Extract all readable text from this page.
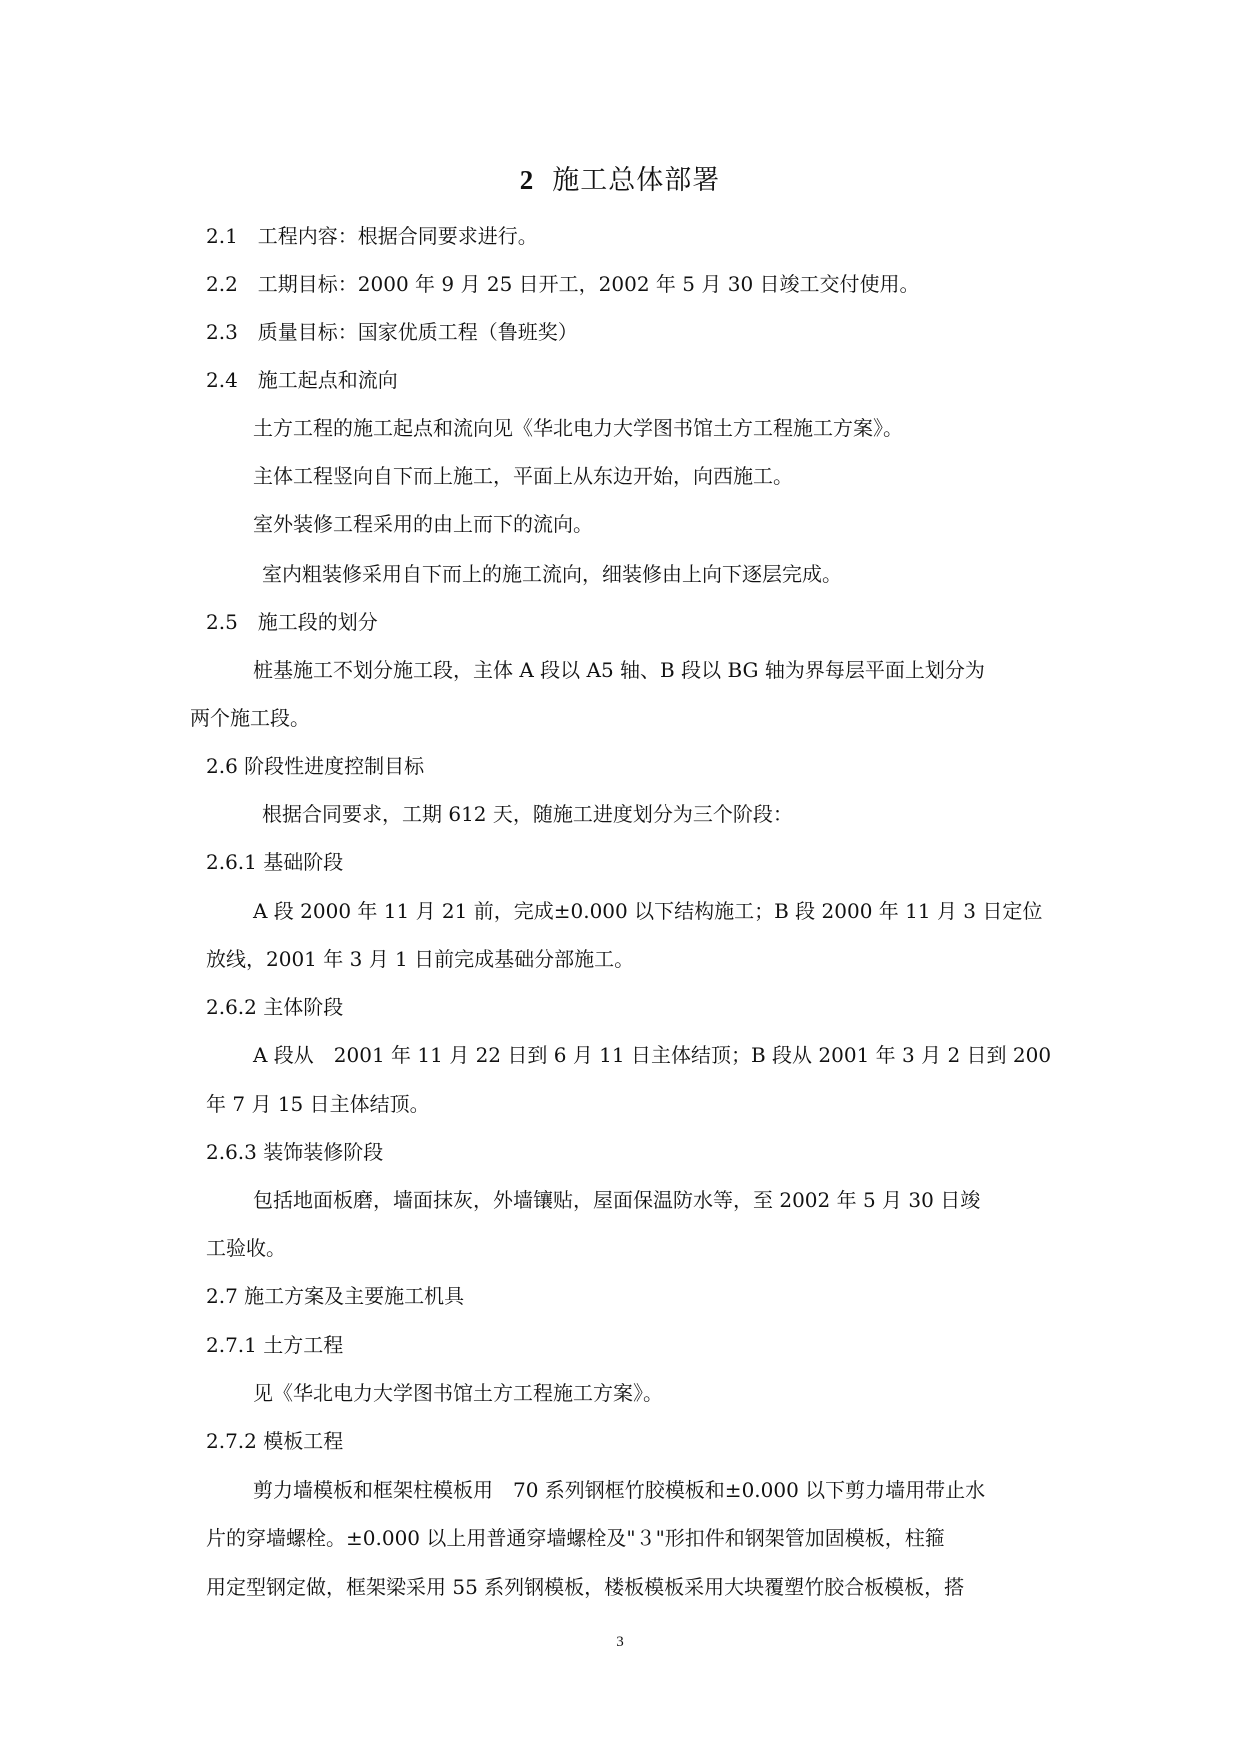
2 施工总体部署
2.1　工程内容：根据合同要求进行。
2.2　工期目标：2000 年 9 月 25 日开工，2002 年 5 月 30 日竣工交付使用。
2.3　质量目标：国家优质工程（鲁班奖）
2.4　施工起点和流向
土方工程的施工起点和流向见《华北电力大学图书馆土方工程施工方案》。
主体工程竖向自下而上施工，平面上从东边开始，向西施工。
室外装修工程采用的由上而下的流向。
室内粗装修采用自下而上的施工流向，细装修由上向下逐层完成。
2.5　施工段的划分
桩基施工不划分施工段，主体 A 段以 A5 轴、B 段以 BG 轴为界每层平面上划分为
两个施工段。
2.6 阶段性进度控制目标
根据合同要求，工期 612 天，随施工进度划分为三个阶段：
2.6.1 基础阶段
A 段 2000 年 11 月 21 前，完成±0.000 以下结构施工；B 段 2000 年 11 月 3 日定位
放线，2001 年 3 月 1 日前完成基础分部施工。
2.6.2 主体阶段
A 段从　2001 年 11 月 22 日到 6 月 11 日主体结顶；B 段从 2001 年 3 月 2 日到 200
年 7 月 15 日主体结顶。
2.6.3 装饰装修阶段
包括地面板磨，墙面抹灰，外墙镶贴，屋面保温防水等，至 2002 年 5 月 30 日竣
工验收。
2.7 施工方案及主要施工机具
2.7.1 土方工程
见《华北电力大学图书馆土方工程施工方案》。
2.7.2 模板工程
剪力墙模板和框架柱模板用　70 系列钢框竹胶模板和±0.000 以下剪力墙用带止水
片的穿墙螺栓。±0.000 以上用普通穿墙螺栓及"３"形扣件和钢架管加固模板，柱箍
用定型钢定做，框架梁采用 55 系列钢模板，楼板模板采用大块覆塑竹胶合板模板，搭
3
